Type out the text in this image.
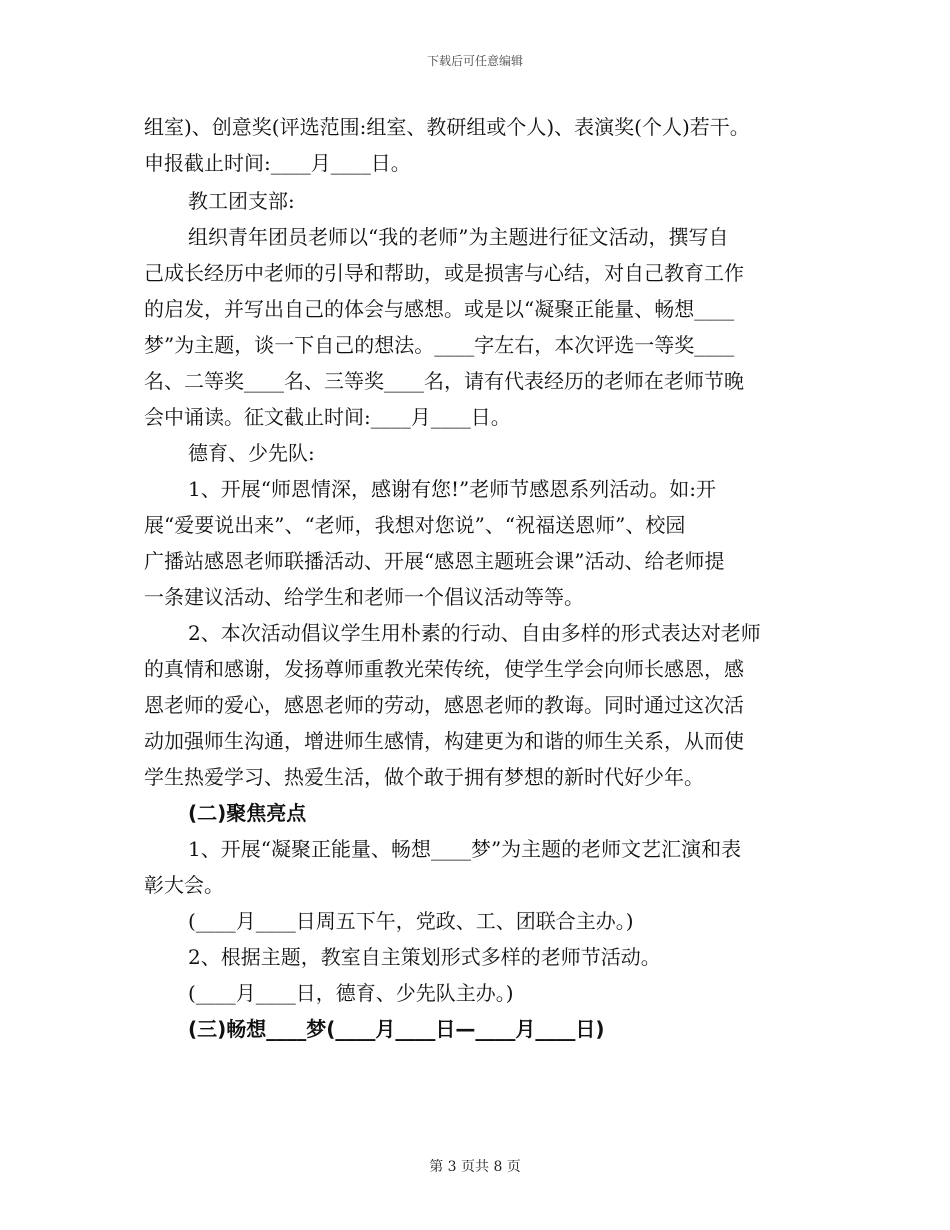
下载后可任意编辑
组室)、创意奖(评选范围:组室、教研组或个人)、表演奖(个人)若干。
申报截止时间:____月____日。
教工团支部:
组织青年团员老师以“我的老师”为主题进行征文活动，撰写自
己成长经历中老师的引导和帮助，或是损害与心结，对自己教育工作
的启发，并写出自己的体会与感想。或是以“凝聚正能量、畅想____
梦”为主题，谈一下自己的想法。____字左右，本次评选一等奖____
名、二等奖____名、三等奖____名，请有代表经历的老师在老师节晚
会中诵读。征文截止时间:____月____日。
德育、少先队:
1、开展“师恩情深，感谢有您!”老师节感恩系列活动。如:开
展“爱要说出来”、“老师，我想对您说”、“祝福送恩师”、校园
广播站感恩老师联播活动、开展“感恩主题班会课”活动、给老师提
一条建议活动、给学生和老师一个倡议活动等等。
2、本次活动倡议学生用朴素的行动、自由多样的形式表达对老师
的真情和感谢，发扬尊师重教光荣传统，使学生学会向师长感恩，感
恩老师的爱心，感恩老师的劳动，感恩老师的教诲。同时通过这次活
动加强师生沟通，增进师生感情，构建更为和谐的师生关系，从而使
学生热爱学习、热爱生活，做个敢于拥有梦想的新时代好少年。
(二)聚焦亮点
1、开展“凝聚正能量、畅想____梦”为主题的老师文艺汇演和表
彰大会。
(____月____日周五下午，党政、工、团联合主办。)
2、根据主题，教室自主策划形式多样的老师节活动。
(____月____日，德育、少先队主办。)
(三)畅想____梦(____月____日—____月____日)
第 3 页共 8 页
